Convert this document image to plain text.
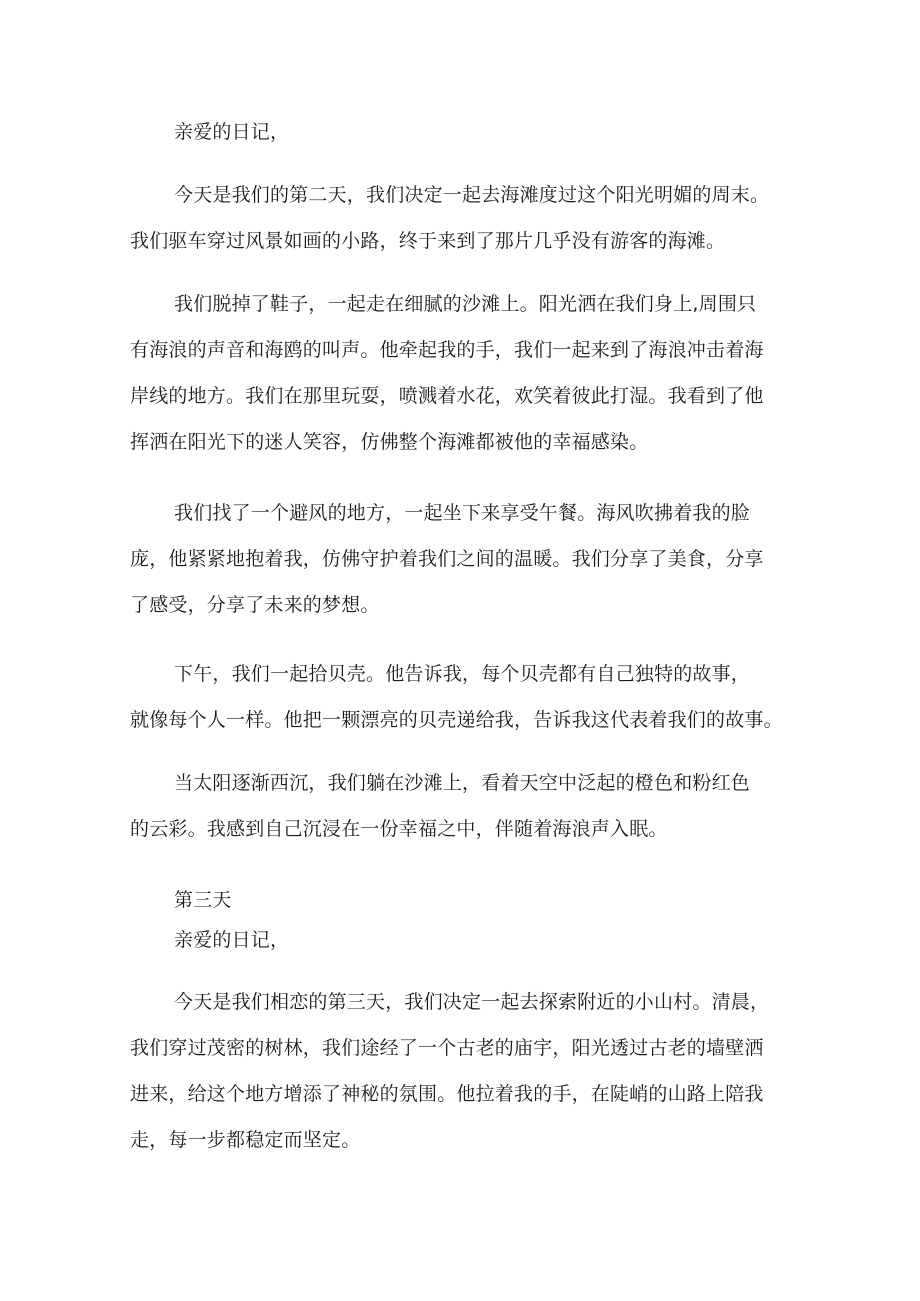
亲爱的日记，
今天是我们的第二天，我们决定一起去海滩度过这个阳光明媚的周末。
我们驱车穿过风景如画的小路，终于来到了那片几乎没有游客的海滩。
我们脱掉了鞋子，一起走在细腻的沙滩上。阳光洒在我们身上,周围只
有海浪的声音和海鸥的叫声。他牵起我的手，我们一起来到了海浪冲击着海
岸线的地方。我们在那里玩耍，喷溅着水花，欢笑着彼此打湿。我看到了他
挥洒在阳光下的迷人笑容，仿佛整个海滩都被他的幸福感染。
我们找了一个避风的地方，一起坐下来享受午餐。海风吹拂着我的脸
庞，他紧紧地抱着我，仿佛守护着我们之间的温暖。我们分享了美食，分享
了感受，分享了未来的梦想。
下午，我们一起拾贝壳。他告诉我，每个贝壳都有自己独特的故事，
就像每个人一样。他把一颗漂亮的贝壳递给我，告诉我这代表着我们的故事。
当太阳逐渐西沉，我们躺在沙滩上，看着天空中泛起的橙色和粉红色
的云彩。我感到自己沉浸在一份幸福之中，伴随着海浪声入眠。
第三天
亲爱的日记，
今天是我们相恋的第三天，我们决定一起去探索附近的小山村。清晨，
我们穿过茂密的树林，我们途经了一个古老的庙宇，阳光透过古老的墙壁洒
进来，给这个地方增添了神秘的氛围。他拉着我的手，在陡峭的山路上陪我
走，每一步都稳定而坚定。
